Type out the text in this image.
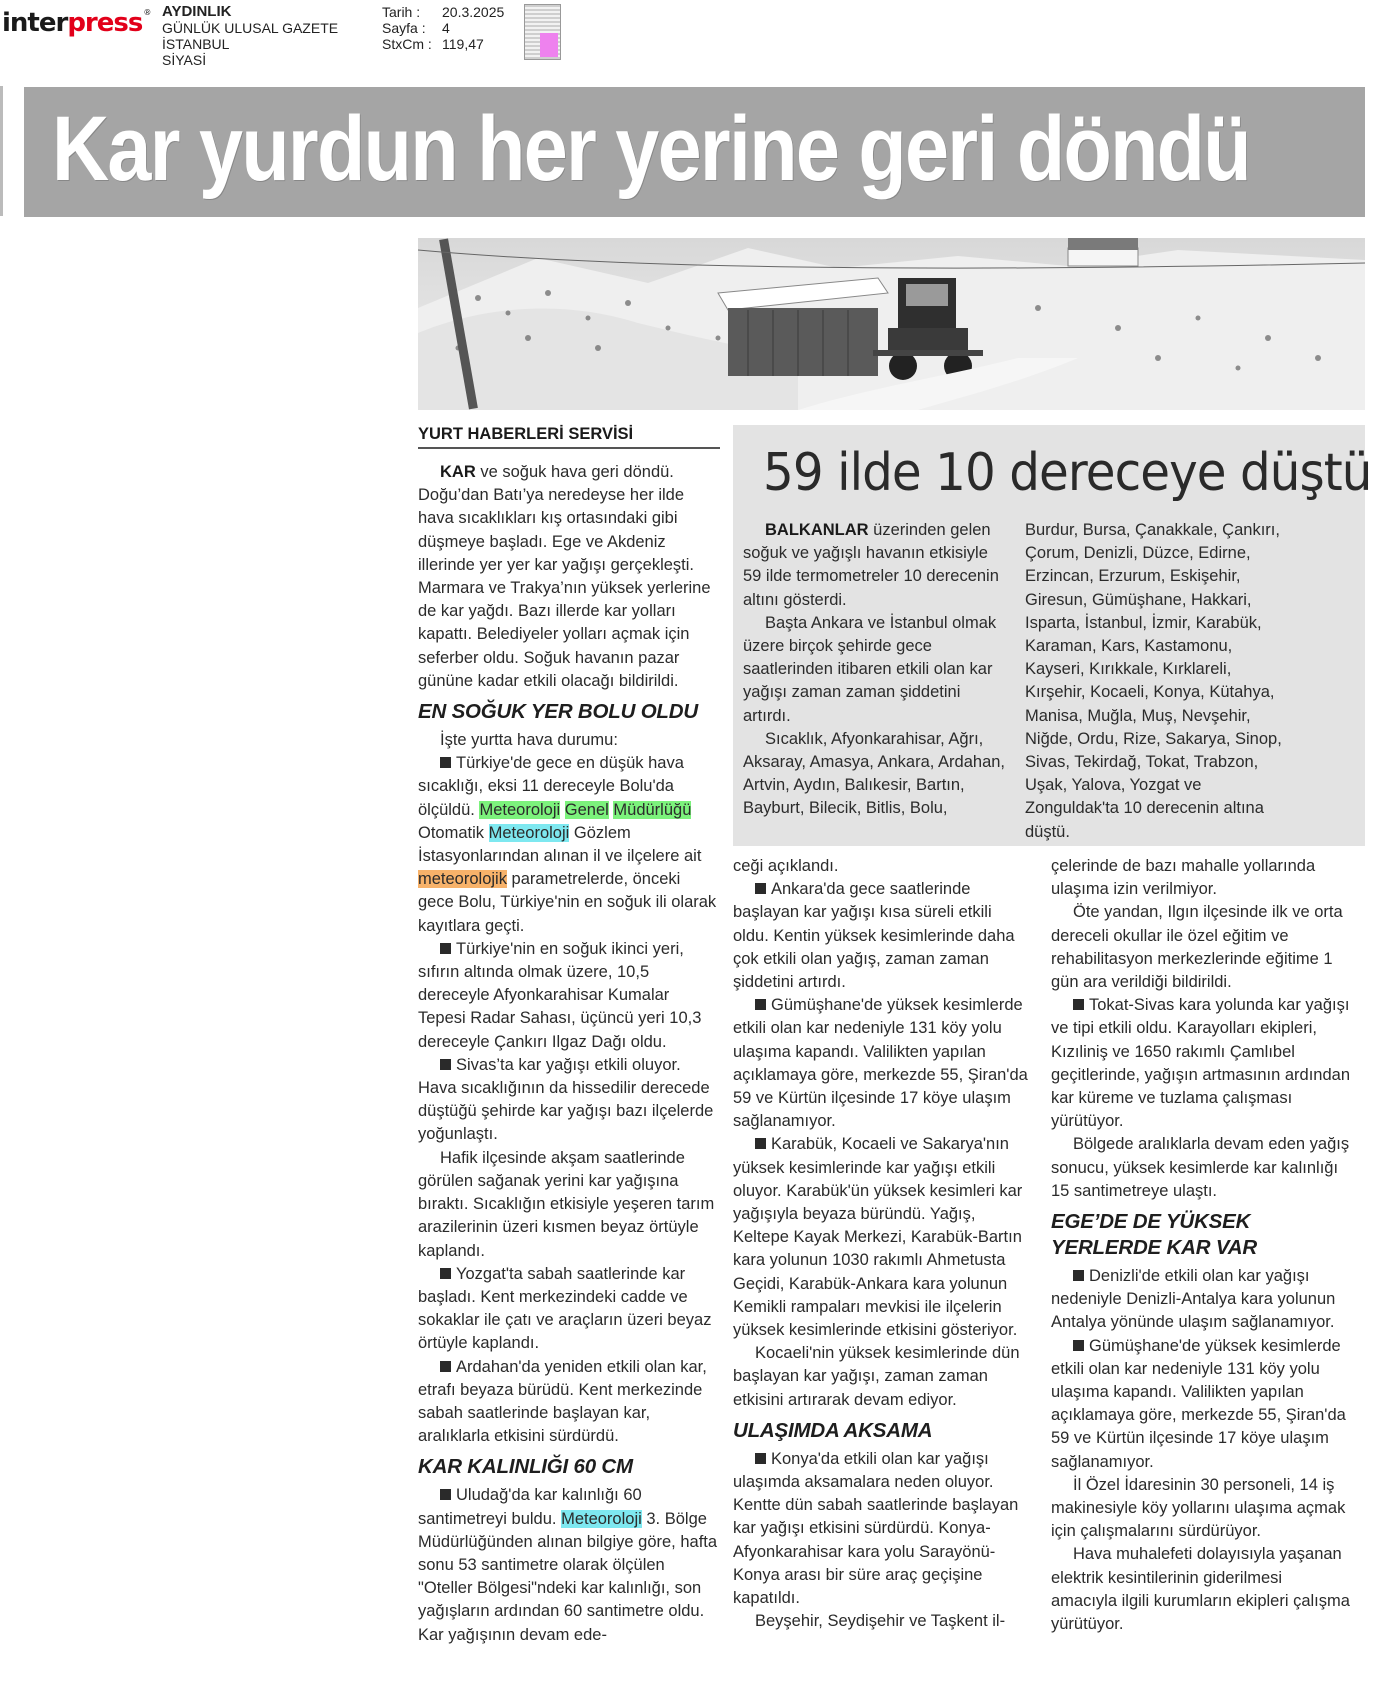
interpress® AYDINLIK
GÜNLÜK ULUSAL GAZETE
İSTANBUL
SİYASİ
Tarih :	20.3.2025
Sayfa :	4
StxCm : 119,47
Kar yurdun her yerine geri döndü
YURT HABERLERİ SERVİSİ

KAR ve soğuk hava geri döndü. Doğu’dan Batı’ya neredeyse her ilde hava sıcaklıkları kış ortasındaki gibi düşmeye başladı. Ege ve Akdeniz illerinde yer yer kar yağışı gerçekleşti. Marmara ve Trakya’nın yüksek yerlerine de kar yağdı. Bazı illerde kar yolları kapattı. Belediyeler yolları açmak için seferber oldu. Soğuk havanın pazar gününe kadar etkili olacağı bildirildi.

EN SOĞUK YER BOLU OLDU

İşte yurtta hava durumu:

Türkiye'de gece en düşük hava sıcaklığı, eksi 11 dereceyle Bolu'da ölçüldü. Meteoroloji Genel Müdürlüğü Otomatik Meteoroloji Gözlem İstasyonlarından alınan il ve ilçelere ait meteorolojik parametrelerde, önceki gece Bolu, Türkiye'nin en soğuk ili olarak kayıtlara geçti.

Türkiye'nin en soğuk ikinci yeri, sıfırın altında olmak üzere, 10,5 dereceyle Afyonkarahisar Kumalar Tepesi Radar Sahası, üçüncü yeri 10,3 dereceyle Çankırı Ilgaz Dağı oldu.

Sivas’ta kar yağışı etkili oluyor. Hava sıcaklığının da hissedilir derecede düştüğü şehirde kar yağışı bazı ilçelerde yoğunlaştı.

Hafik ilçesinde akşam saatlerinde görülen sağanak yerini kar yağışına bıraktı. Sıcaklığın etkisiyle yeşeren tarım arazilerinin üzeri kısmen beyaz örtüyle kaplandı.

Yozgat'ta sabah saatlerinde kar başladı. Kent merkezindeki cadde ve sokaklar ile çatı ve araçların üzeri beyaz örtüyle kaplandı.

Ardahan'da yeniden etkili olan kar, etrafı beyaza bürüdü. Kent merkezinde sabah saatlerinde başlayan kar, aralıklarla etkisini sürdürdü.

KAR KALINLIĞI 60 CM

Uludağ'da kar kalınlığı 60 santimetreyi buldu. Meteoroloji 3. Bölge Müdürlüğünden alınan bilgiye göre, hafta sonu 53 santimetre olarak ölçülen "Oteller Bölgesi"ndeki kar kalınlığı, son yağışların ardından 60 santimetre oldu. Kar yağışının devam ede-

59 ilde 10 dereceye düştü

BALKANLAR üzerinden gelen soğuk ve yağışlı havanın etkisiyle 59 ilde termometreler 10 derecenin altını gösterdi.

Başta Ankara ve İstanbul olmak üzere birçok şehirde gece saatlerinden itibaren etkili olan kar yağışı zaman zaman şiddetini artırdı.

Sıcaklık, Afyonkarahisar, Ağrı, Aksaray, Amasya, Ankara, Ardahan, Artvin, Aydın, Balıkesir, Bartın, Bayburt, Bilecik, Bitlis, Bolu,

Burdur, Bursa, Çanakkale, Çankırı, Çorum, Denizli, Düzce, Edirne, Erzincan, Erzurum, Eskişehir, Giresun, Gümüşhane, Hakkari, Isparta, İstanbul, İzmir, Karabük, Karaman, Kars, Kastamonu, Kayseri, Kırıkkale, Kırklareli, Kırşehir, Kocaeli, Konya, Kütahya, Manisa, Muğla, Muş, Nevşehir, Niğde, Ordu, Rize, Sakarya, Sinop, Sivas, Tekirdağ, Tokat, Trabzon, Uşak, Yalova, Yozgat ve Zonguldak'ta 10 derecenin altına düştü.

ceği açıklandı.

Ankara'da gece saatlerinde başlayan kar yağışı kısa süreli etkili oldu. Kentin yüksek kesimlerinde daha çok etkili olan yağış, zaman zaman şiddetini artırdı.

Gümüşhane'de yüksek kesimlerde etkili olan kar nedeniyle 131 köy yolu ulaşıma kapandı. Valilikten yapılan açıklamaya göre, merkezde 55, Şiran'da 59 ve Kürtün ilçesinde 17 köye ulaşım sağlanamıyor.

Karabük, Kocaeli ve Sakarya'nın yüksek kesimlerinde kar yağışı etkili oluyor. Karabük'ün yüksek kesimleri kar yağışıyla beyaza büründü. Yağış, Keltepe Kayak Merkezi, Karabük-Bartın kara yolunun 1030 rakımlı Ahmetusta Geçidi, Karabük-Ankara kara yolunun Kemikli rampaları mevkisi ile ilçelerin yüksek kesimlerinde etkisini gösteriyor.

Kocaeli'nin yüksek kesimlerinde dün başlayan kar yağışı, zaman zaman etkisini artırarak devam ediyor.

ULAŞIMDA AKSAMA

Konya'da etkili olan kar yağışı ulaşımda aksamalara neden oluyor. Kentte dün sabah saatlerinde başlayan kar yağışı etkisini sürdürdü. Konya-Afyonkarahisar kara yolu Sarayönü-Konya arası bir süre araç geçişine kapatıldı.

Beyşehir, Seydişehir ve Taşkent il-

çelerinde de bazı mahalle yollarında ulaşıma izin verilmiyor.

Öte yandan, Ilgın ilçesinde ilk ve orta dereceli okullar ile özel eğitim ve rehabilitasyon merkezlerinde eğitime 1 gün ara verildiği bildirildi.

Tokat-Sivas kara yolunda kar yağışı ve tipi etkili oldu. Karayolları ekipleri, Kızıliniş ve 1650 rakımlı Çamlıbel geçitlerinde, yağışın artmasının ardından kar küreme ve tuzlama çalışması yürütüyor.

Bölgede aralıklarla devam eden yağış sonucu, yüksek kesimlerde kar kalınlığı 15 santimetreye ulaştı.

EGE’DE DE YÜKSEK YERLERDE KAR VAR

Denizli'de etkili olan kar yağışı nedeniyle Denizli-Antalya kara yolunun Antalya yönünde ulaşım sağlanamıyor.

Gümüşhane'de yüksek kesimlerde etkili olan kar nedeniyle 131 köy yolu ulaşıma kapandı. Valilikten yapılan açıklamaya göre, merkezde 55, Şiran'da 59 ve Kürtün ilçesinde 17 köye ulaşım sağlanamıyor.

İl Özel İdaresinin 30 personeli, 14 iş makinesiyle köy yollarını ulaşıma açmak için çalışmalarını sürdürüyor.

Hava muhalefeti dolayısıyla yaşanan elektrik kesintilerinin giderilmesi amacıyla ilgili kurumların ekipleri çalışma yürütüyor.
